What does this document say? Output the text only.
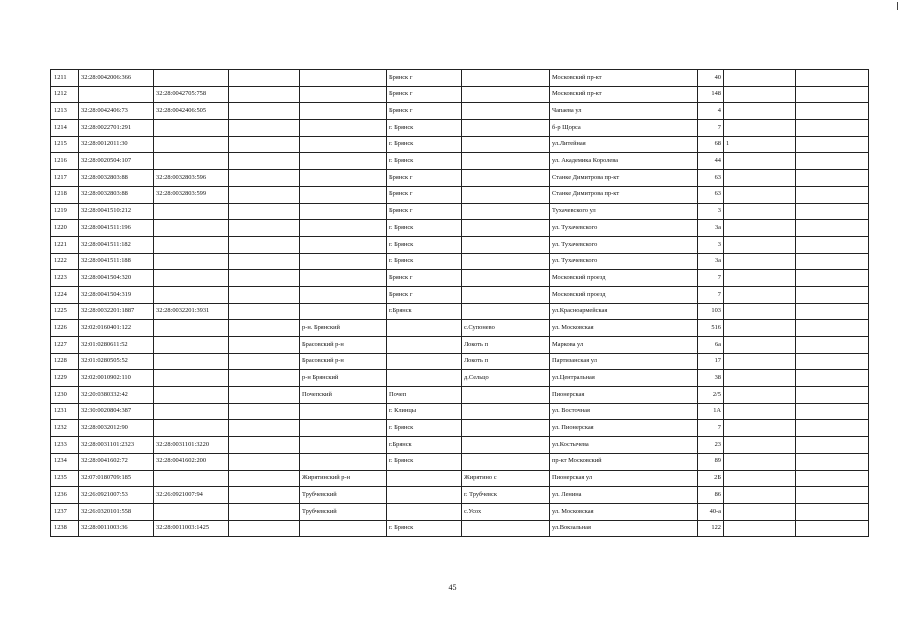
1211	32:28:0042006:366				Брянск г		Московский пр-кт	40		
1212		32:28:0042705:758			Брянск г		Московский пр-кт	148		
1213	32:28:0042406:73	32:28:0042406:505			Брянск г		Чапаева ул	4		
1214	32:28:0022701:291				г. Брянск		б-р Щорса	7		
1215	32:28:0012011:30				г. Брянск		ул.Литейная	68	1	
1216	32:28:0020504:107				г. Брянск		ул. Академика Королева	44		
1217	32:28:0032803:88	32:28:0032803:596			Брянск г		Станке Димитрова пр-кт	63		
1218	32:28:0032803:88	32:28:0032803:599			Брянск г		Станке Димитрова пр-кт	63		
1219	32:28:0041510:212				Брянск г		Тухачевского ул	3		
1220	32:28:0041511:196				г. Брянск		ул. Тухачевского	3а		
1221	32:28:0041511:182				г. Брянск		ул. Тухачевского	3		
1222	32:28:0041511:188				г. Брянск		ул. Тухачевского	3а		
1223	32:28:0041504:320				Брянск г		Московский проезд	7		
1224	32:28:0041504:319				Брянск г		Московский проезд	7		
1225	32:28:0032201:1887	32:28:0032201:3931			г.Брянск		ул.Красноармейская	103		
1226	32:02:0160401:122			р-н. Брянский		с.Супонево	ул. Московская	516		
1227	32:01:0280611:52			Брасовский р-н		Локоть п	Маркова ул	6а		
1228	32:01:0280505:52			Брасовский р-н		Локоть п	Партизанская ул	17		
1229	32:02:0010902:110			р-н Брянский		д.Сельцо	ул.Центральная	38		
1230	32:20:0380332:42			Почепский	Почеп		Пионерская	2/5		
1231	32:30:0020804:387				г. Клинцы		ул. Восточная	1А		
1232	32:28:0032012:90				г. Брянск		ул. Пионерская	7		
1233	32:28:0031101:2323	32:28:0031101:3220			г.Брянск		ул.Костычева	23		
1234	32:28:0041602:72	32:28:0041602:200			г. Брянск		пр-кт Московский	89		
1235	32:07:0180709:185			Жирятинский р-н		Жирятино с	Пионерская ул	2Б		
1236	32:26:0921007:53	32:26:0921007:94		Трубчевский		г. Трубчевск	ул. Ленина	86		
1237	32:26:0320101:558			Трубчевский		с.Усох	ул. Московская	40-а		
1238	32:28:0011003:36	32:28:0011003:1425			г. Брянск		ул.Вокзальная	122		
45
